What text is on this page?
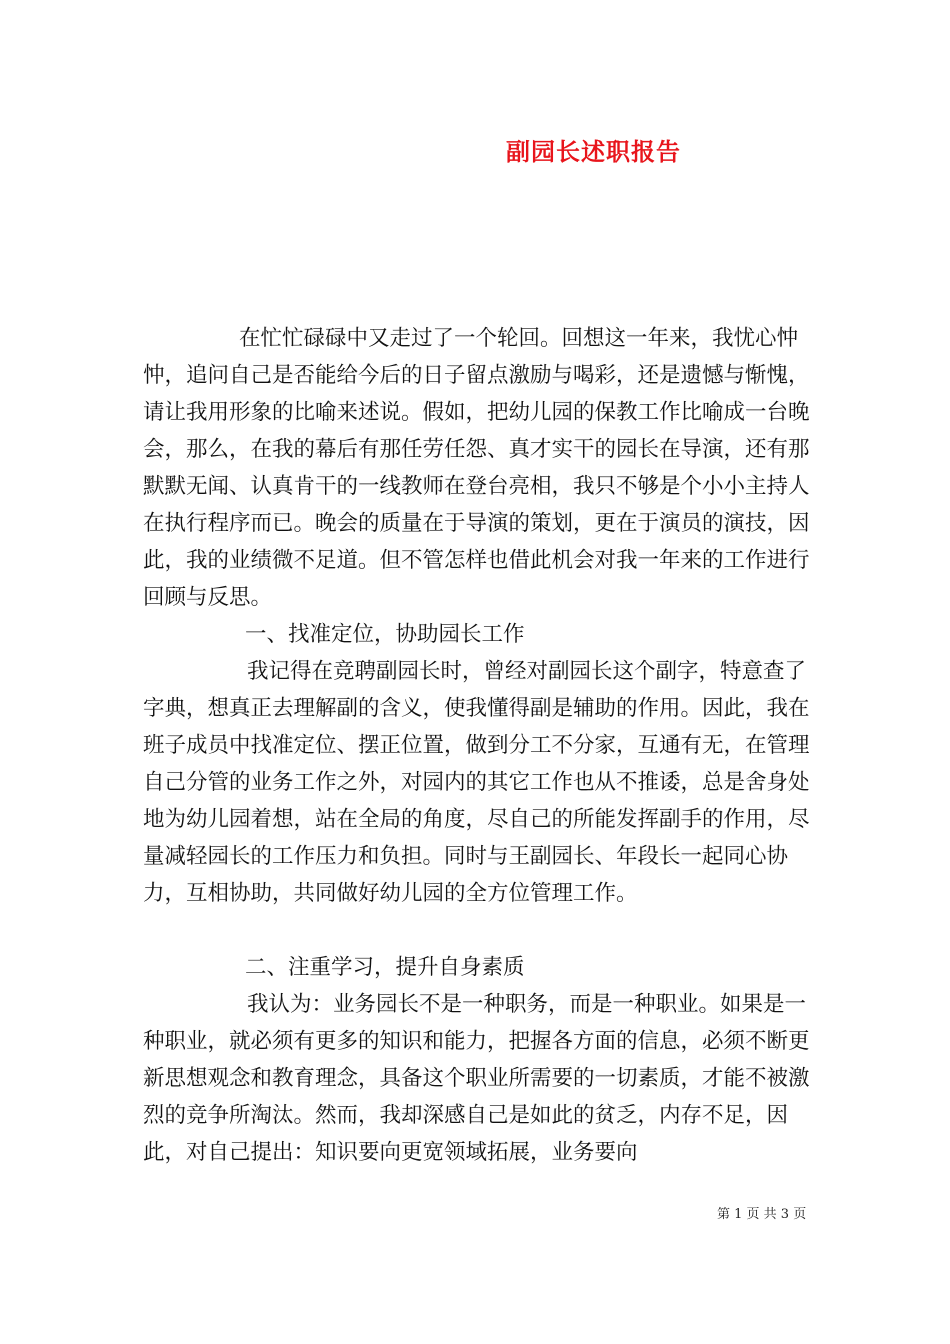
副园长述职报告

在忙忙碌碌中又走过了一个轮回。回想这一年来，我忧心忡忡，追问自己是否能给今后的日子留点激励与喝彩，还是遗憾与惭愧，请让我用形象的比喻来述说。假如，把幼儿园的保教工作比喻成一台晚会，那么，在我的幕后有那任劳任怨、真才实干的园长在导演，还有那默默无闻、认真肯干的一线教师在登台亮相，我只不够是个小小主持人在执行程序而已。晚会的质量在于导演的策划，更在于演员的演技，因此，我的业绩微不足道。但不管怎样也借此机会对我一年来的工作进行回顾与反思。

一、找准定位，协助园长工作

我记得在竞聘副园长时，曾经对副园长这个副字，特意查了字典，想真正去理解副的含义，使我懂得副是辅助的作用。因此，我在班子成员中找准定位、摆正位置，做到分工不分家，互通有无，在管理自己分管的业务工作之外，对园内的其它工作也从不推诿，总是舍身处地为幼儿园着想，站在全局的角度，尽自己的所能发挥副手的作用，尽量减轻园长的工作压力和负担。同时与王副园长、年段长一起同心协力，互相协助，共同做好幼儿园的全方位管理工作。

二、注重学习，提升自身素质

我认为：业务园长不是一种职务，而是一种职业。如果是一种职业，就必须有更多的知识和能力，把握各方面的信息，必须不断更新思想观念和教育理念，具备这个职业所需要的一切素质，才能不被激烈的竞争所淘汰。然而，我却深感自己是如此的贫乏，内存不足，因此，对自己提出：知识要向更宽领域拓展，业务要向

第 1 页 共 3 页
